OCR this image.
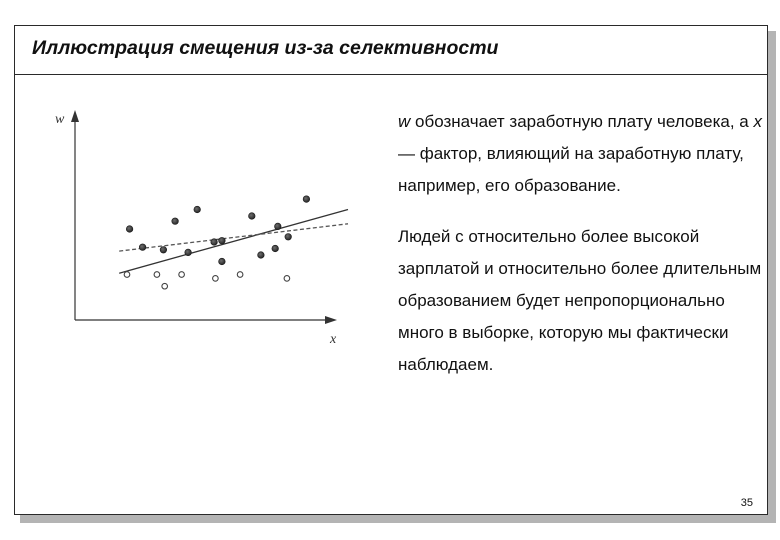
Иллюстрация смещения из-за селективности
w
x

w обозначает заработную плату человека, а x — фактор, влияющий на заработную плату, например, его образование.

Людей с относительно более высокой зарплатой и относительно более длительным образованием будет непропорционально много в выборке, которую мы фактически наблюдаем.

35
